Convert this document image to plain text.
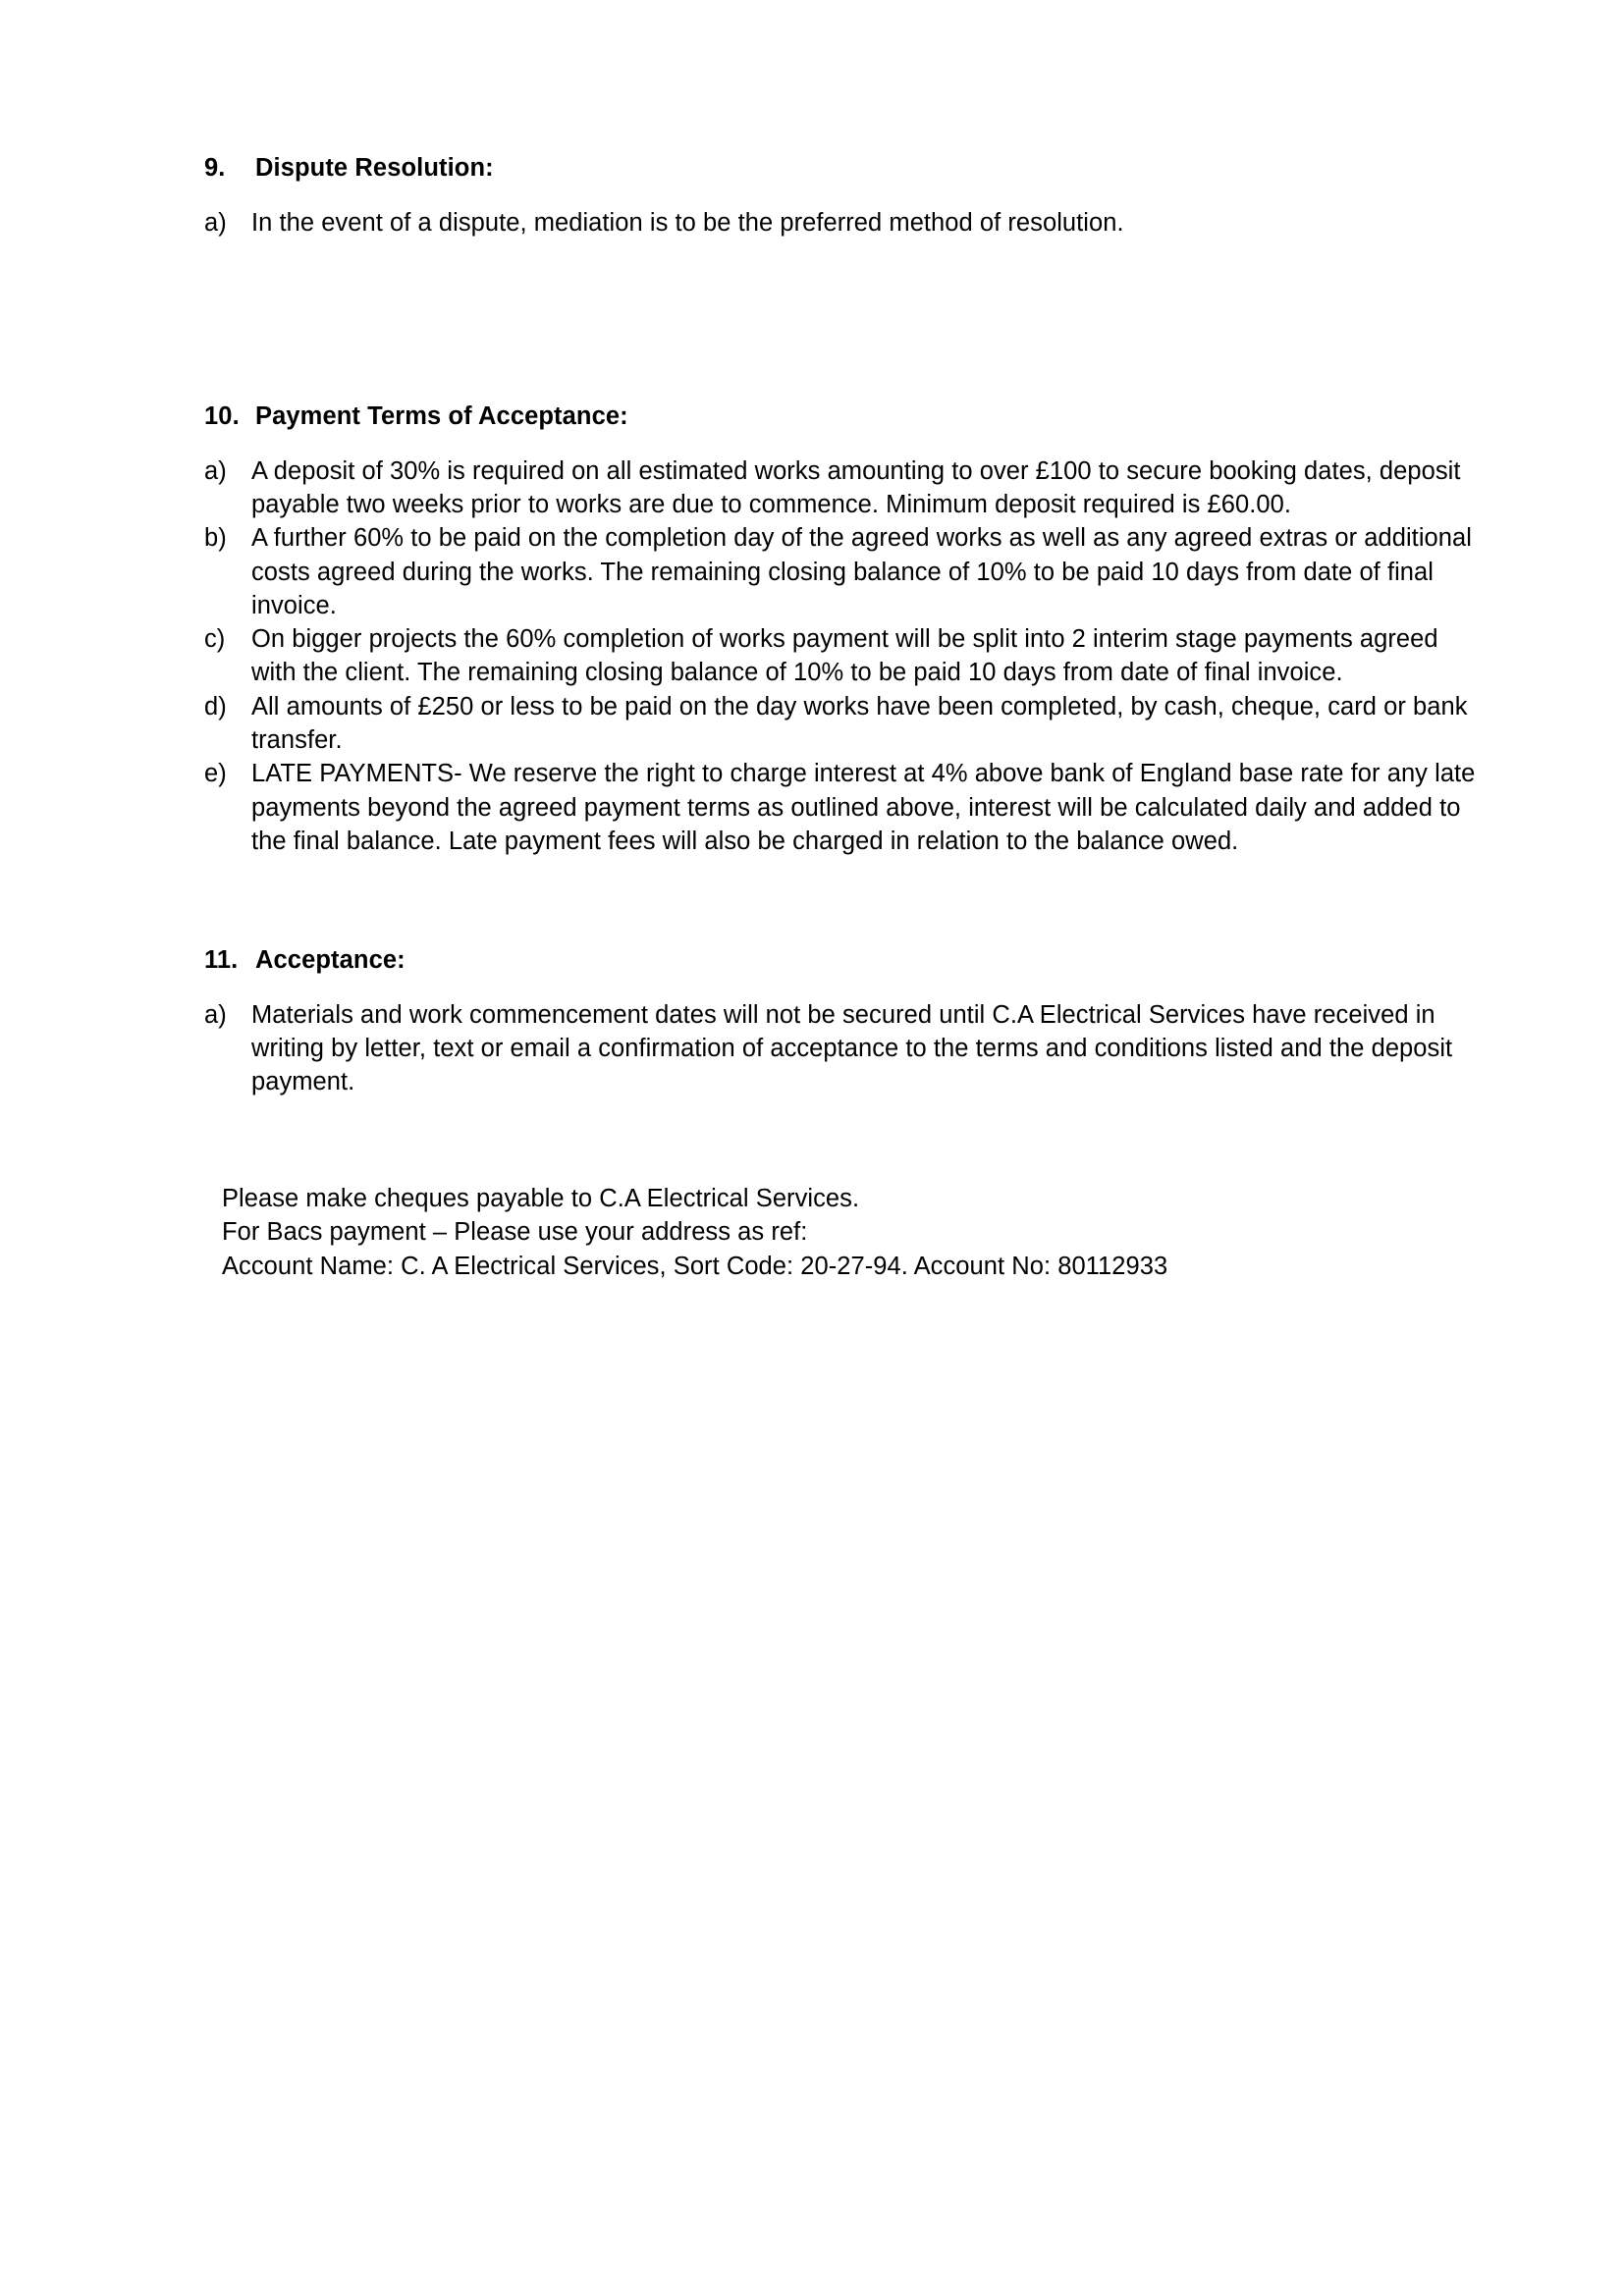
9.	Dispute Resolution:
a) In the event of a dispute, mediation is to be the preferred method of resolution.
10. Payment Terms of Acceptance:
a) A deposit of 30% is required on all estimated works amounting to over £100 to secure booking dates, deposit payable two weeks prior to works are due to commence. Minimum deposit required is £60.00.
b) A further 60% to be paid on the completion day of the agreed works as well as any agreed extras or additional costs agreed during the works. The remaining closing balance of 10% to be paid 10 days from date of final invoice.
c)	On bigger projects the 60% completion of works payment will be split into 2 interim stage payments agreed with the client. The remaining closing balance of 10% to be paid 10 days from date of final invoice.
d) All amounts of £250 or less to be paid on the day works have been completed, by cash, cheque, card or bank transfer.
e) LATE PAYMENTS- We reserve the right to charge interest at 4% above bank of England base rate for any late payments beyond the agreed payment terms as outlined above, interest will be calculated daily and added to the final balance. Late payment fees will also be charged in relation to the balance owed.
11. Acceptance:
a) Materials and work commencement dates will not be secured until C.A Electrical Services have received in writing by letter, text or email a confirmation of acceptance to the terms and conditions listed and the deposit payment.
Please make cheques payable to C.A Electrical Services.
For Bacs payment – Please use your address as ref:
Account Name: C. A Electrical Services, Sort Code: 20-27-94. Account No: 80112933
